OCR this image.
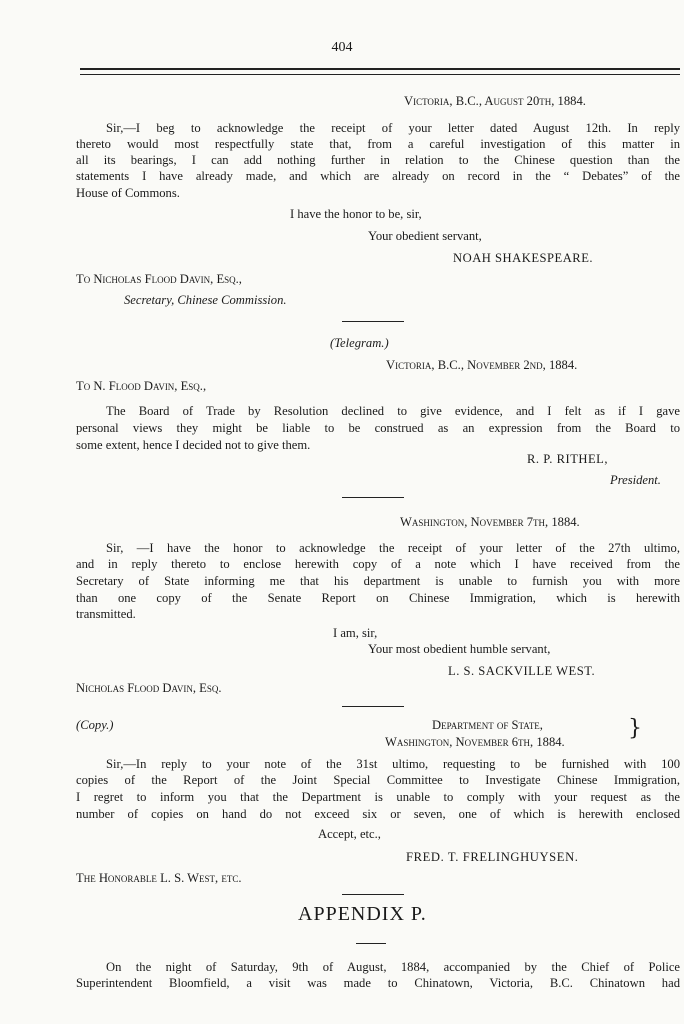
404
Victoria, B.C., August 20th, 1884.
Sir,—I beg to acknowledge the receipt of your letter dated August 12th. In reply
thereto would most respectfully state that, from a careful investigation of this matter in
all its bearings, I can add nothing further in relation to the Chinese question than the
statements I have already made, and which are already on record in the “ Debates” of the
House of Commons.
I have the honor to be, sir,
Your obedient servant,
NOAH SHAKESPEARE.
To Nicholas Flood Davin, Esq.,
Secretary, Chinese Commission.
(Telegram.)
Victoria, B.C., November 2nd, 1884.
To N. Flood Davin, Esq.,
The Board of Trade by Resolution declined to give evidence, and I felt as if I gave
personal views they might be liable to be construed as an expression from the Board to
some extent, hence I decided not to give them.
R. P. RITHEL,
President.
Washington, November 7th, 1884.
Sir, —I have the honor to acknowledge the receipt of your letter of the 27th ultimo,
and in reply thereto to enclose herewith copy of a note which I have received from the
Secretary of State informing me that his department is unable to furnish you with more
than one copy of the Senate Report on Chinese Immigration, which is herewith
transmitted.
I am, sir,
Your most obedient humble servant,
L. S. SACKVILLE WEST.
Nicholas Flood Davin, Esq.
(Copy.)	Department of State,
Washington, November 6th, 1884.
}
Sir,—In reply to your note of the 31st ultimo, requesting to be furnished with 100
copies of the Report of the Joint Special Committee to Investigate Chinese Immigration,
I regret to inform you that the Department is unable to comply with your request as the
number of copies on hand do not exceed six or seven, one of which is herewith enclosed
Accept, etc.,
FRED. T. FRELINGHUYSEN.
The Honorable L. S. West, etc.
APPENDIX P.
On the night of Saturday, 9th of August, 1884, accompanied by the Chief of Police
Superintendent Bloomfield, a visit was made to Chinatown, Victoria, B.C. Chinatown had
